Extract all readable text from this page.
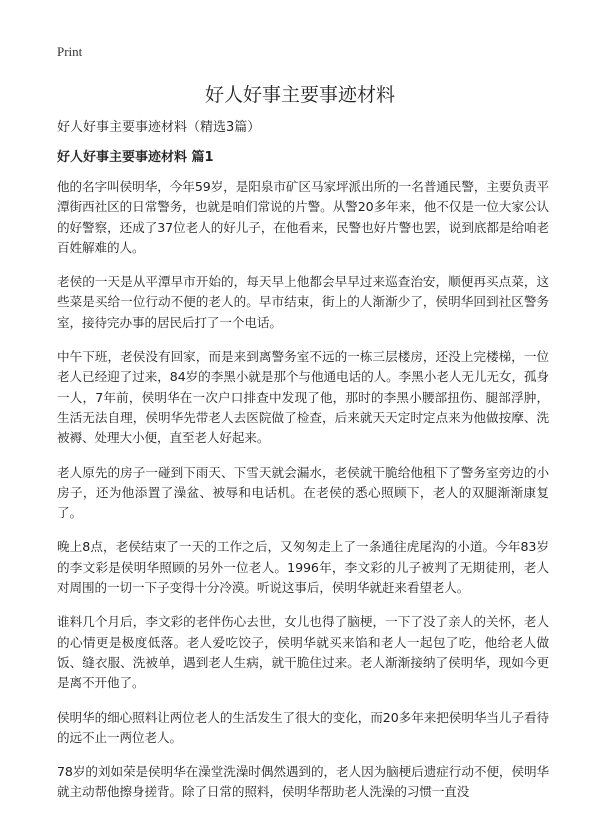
Print
好人好事主要事迹材料

好人好事主要事迹材料（精选3篇）

好人好事主要事迹材料 篇1

他的名字叫侯明华，今年59岁，是阳泉市矿区马家坪派出所的一名普通民警，主要负责平潭街西社区的日常警务，也就是咱们常说的片警。从警20多年来，他不仅是一位大家公认的好警察，还成了37位老人的好儿子，在他看来，民警也好片警也罢，说到底都是给咱老百姓解难的人。

老侯的一天是从平潭早市开始的，每天早上他都会早早过来巡查治安，顺便再买点菜，这些菜是买给一位行动不便的老人的。早市结束，街上的人渐渐少了，侯明华回到社区警务室，接待完办事的居民后打了一个电话。

中午下班，老侯没有回家，而是来到离警务室不远的一栋三层楼房，还没上完楼梯，一位老人已经迎了过来，84岁的李黑小就是那个与他通电话的人。李黑小老人无儿无女，孤身一人，7年前，侯明华在一次户口排查中发现了他，那时的李黑小腰部扭伤、腿部浮肿，生活无法自理，侯明华先带老人去医院做了检查，后来就天天定时定点来为他做按摩、洗被褥、处理大小便，直至老人好起来。

老人原先的房子一碰到下雨天、下雪天就会漏水，老侯就干脆给他租下了警务室旁边的小房子，还为他添置了澡盆、被辱和电话机。在老侯的悉心照顾下，老人的双腿渐渐康复了。

晚上8点，老侯结束了一天的工作之后，又匆匆走上了一条通往虎尾沟的小道。今年83岁的李文彩是侯明华照顾的另外一位老人。1996年，李文彩的儿子被判了无期徒刑，老人对周围的一切一下子变得十分冷漠。听说这事后，侯明华就赶来看望老人。

谁料几个月后，李文彩的老伴伤心去世，女儿也得了脑梗，一下了没了亲人的关怀，老人的心情更是极度低落。老人爱吃饺子，侯明华就买来馅和老人一起包了吃，他给老人做饭、缝衣服、洗被单，遇到老人生病，就干脆住过来。老人渐渐接纳了侯明华，现如今更是离不开他了。

侯明华的细心照料让两位老人的生活发生了很大的变化，而20多年来把侯明华当儿子看待的远不止一两位老人。

78岁的刘如荣是侯明华在澡堂洗澡时偶然遇到的，老人因为脑梗后遗症行动不便，侯明华就主动帮他擦身搓背。除了日常的照料，侯明华帮助老人洗澡的习惯一直没
